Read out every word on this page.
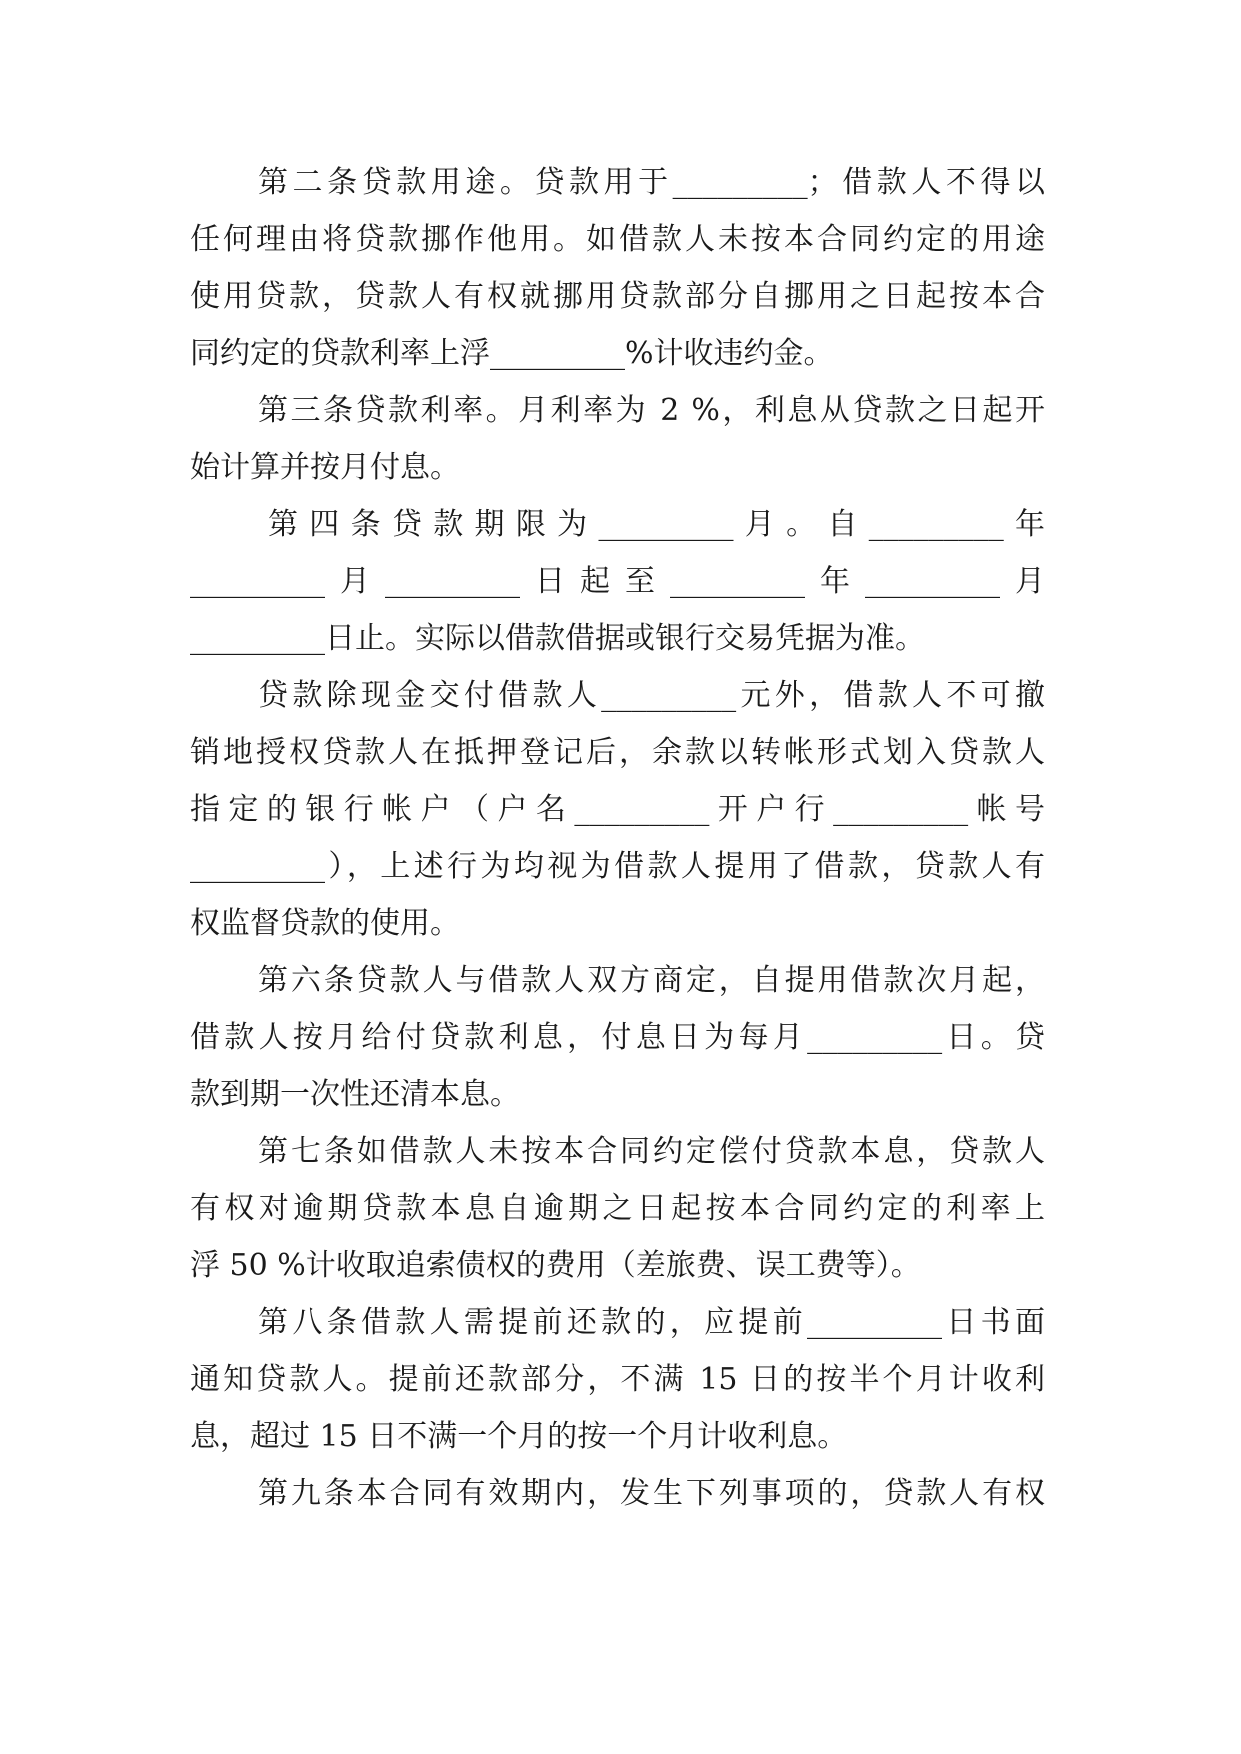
第二条贷款用途。贷款用于_________；借款人不得以
任何理由将贷款挪作他用。如借款人未按本合同约定的用途
使用贷款，贷款人有权就挪用贷款部分自挪用之日起按本合
同约定的贷款利率上浮_________%计收违约金。
第三条贷款利率。月利率为 2 %，利息从贷款之日起开
始计算并按月付息。
第四条贷款期限为_________月。自_________年
_________月_________日起至_________年_________月
_________日止。实际以借款借据或银行交易凭据为准。
贷款除现金交付借款人_________元外，借款人不可撤
销地授权贷款人在抵押登记后，余款以转帐形式划入贷款人
指定的银行帐户（户名_________开户行_________帐号
_________），上述行为均视为借款人提用了借款，贷款人有
权监督贷款的使用。
第六条贷款人与借款人双方商定，自提用借款次月起，
借款人按月给付贷款利息，付息日为每月_________日。贷
款到期一次性还清本息。
第七条如借款人未按本合同约定偿付贷款本息，贷款人
有权对逾期贷款本息自逾期之日起按本合同约定的利率上
浮 50 %计收取追索债权的费用（差旅费、误工费等）。
第八条借款人需提前还款的，应提前_________日书面
通知贷款人。提前还款部分，不满 15 日的按半个月计收利
息，超过 15 日不满一个月的按一个月计收利息。
第九条本合同有效期内，发生下列事项的，贷款人有权
